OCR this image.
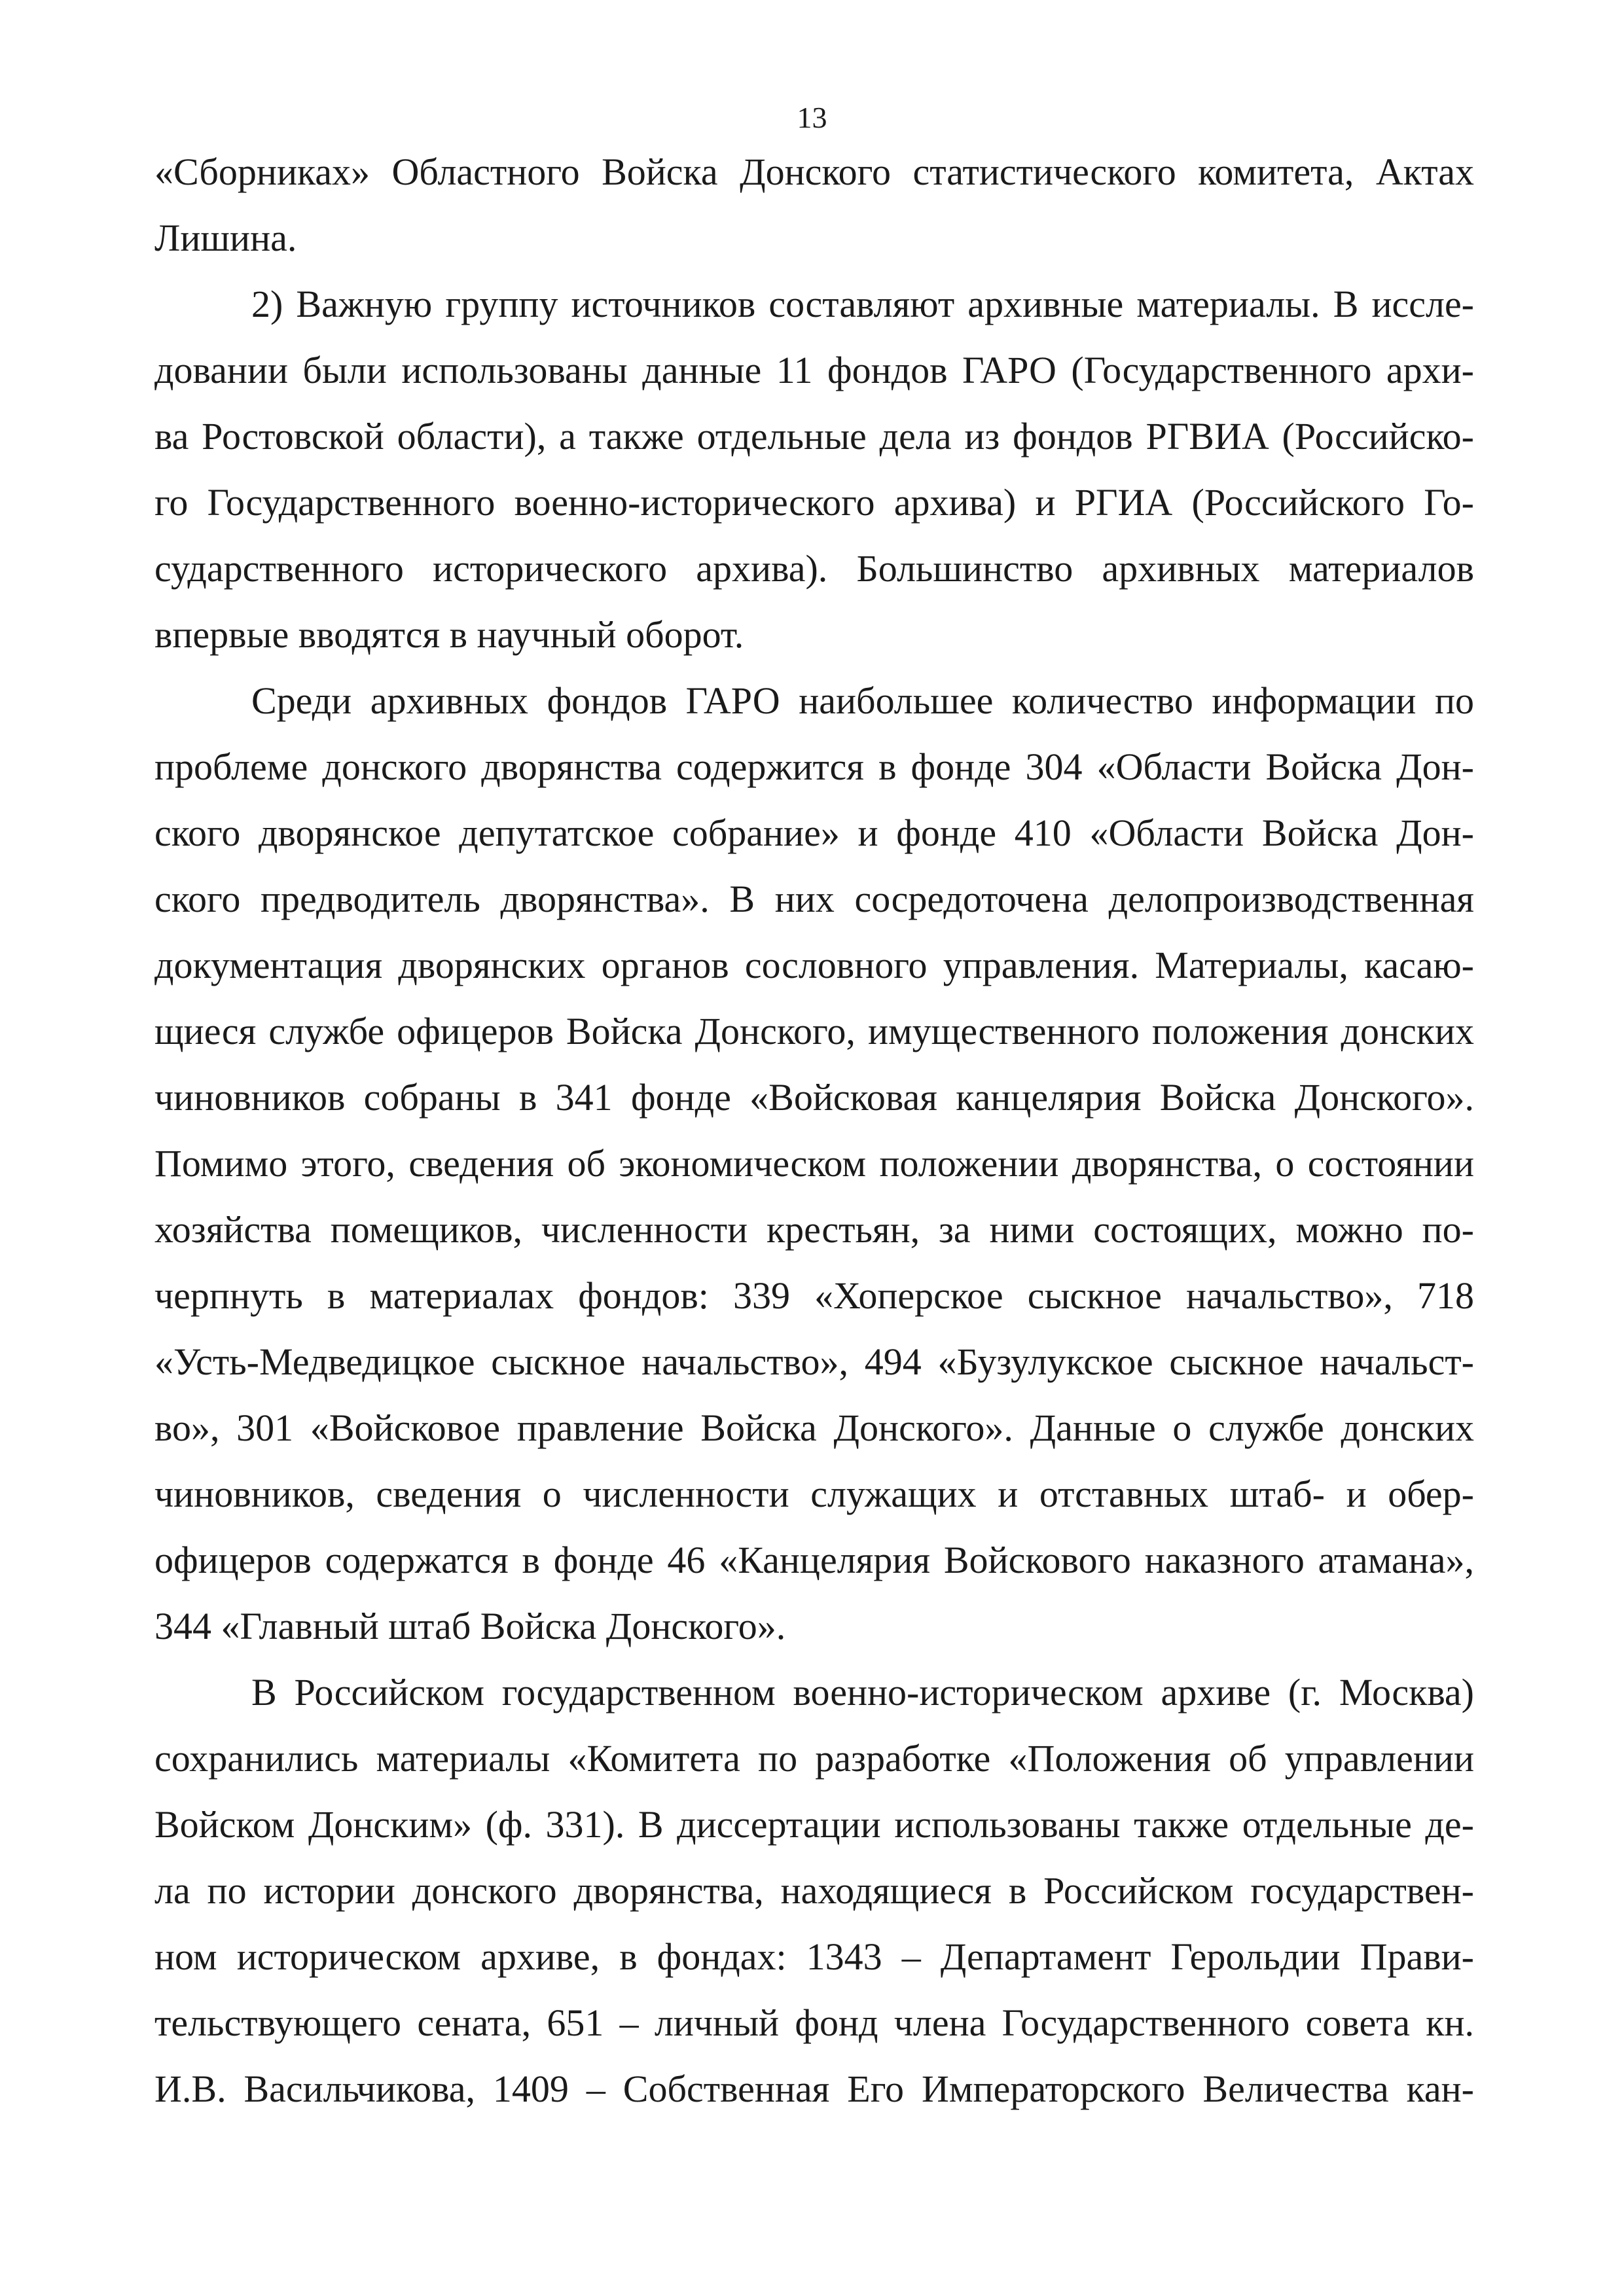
13
«Сборниках» Областного Войска Донского статистического комитета, Актах
Лишина.
2) Важную группу источников составляют архивные материалы. В иссле-
довании были использованы данные 11 фондов ГАРО (Государственного архи-
ва Ростовской области), а также отдельные дела из фондов РГВИА (Российско-
го Государственного военно-исторического архива) и РГИА (Российского Го-
сударственного исторического архива). Большинство архивных материалов
впервые вводятся в научный оборот.
Среди архивных фондов ГАРО наибольшее количество информации по
проблеме донского дворянства содержится в фонде 304 «Области Войска Дон-
ского дворянское депутатское собрание» и фонде 410 «Области Войска Дон-
ского предводитель дворянства». В них сосредоточена делопроизводственная
документация дворянских органов сословного управления. Материалы, касаю-
щиеся службе офицеров Войска Донского, имущественного положения донских
чиновников собраны в 341 фонде «Войсковая канцелярия Войска Донского».
Помимо этого, сведения об экономическом положении дворянства, о состоянии
хозяйства помещиков, численности крестьян, за ними состоящих, можно по-
черпнуть в материалах фондов: 339 «Хоперское сыскное начальство», 718
«Усть-Медведицкое сыскное начальство», 494 «Бузулукское сыскное начальст-
во», 301 «Войсковое правление Войска Донского». Данные о службе донских
чиновников, сведения о численности служащих и отставных штаб- и обер-
офицеров содержатся в фонде 46 «Канцелярия Войскового наказного атамана»,
344 «Главный штаб Войска Донского».
В Российском государственном военно-историческом архиве (г. Москва)
сохранились материалы «Комитета по разработке «Положения об управлении
Войском Донским» (ф. 331). В диссертации использованы также отдельные де-
ла по истории донского дворянства, находящиеся в Российском государствен-
ном историческом архиве, в фондах: 1343 – Департамент Герольдии Прави-
тельствующего сената, 651 – личный фонд члена Государственного совета кн.
И.В. Васильчикова, 1409 – Собственная Его Императорского Величества кан-
